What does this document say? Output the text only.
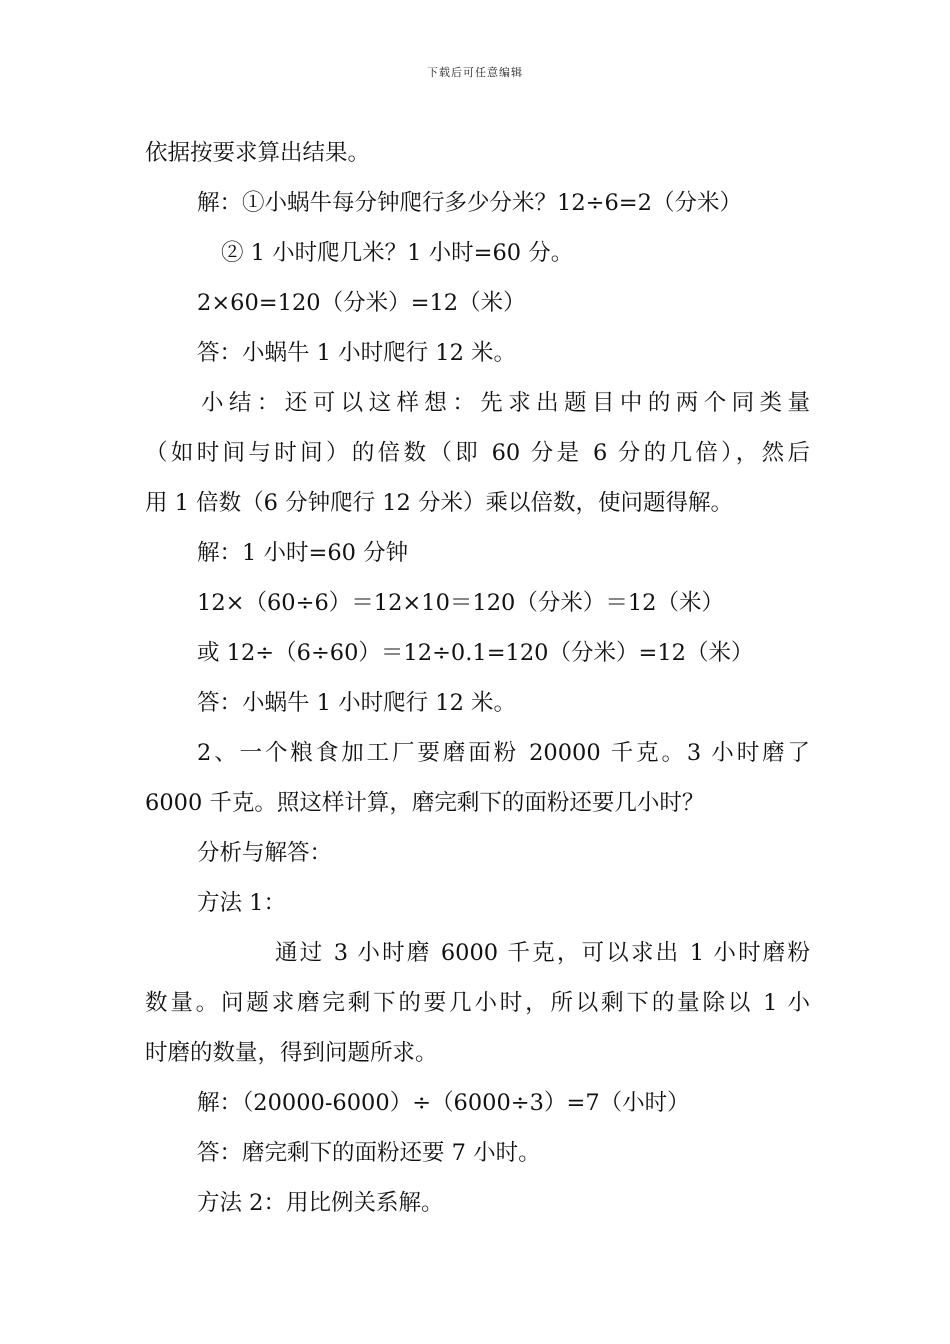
下载后可任意编辑
依据按要求算出结果。
解：①小蜗牛每分钟爬行多少分米？12÷6=2（分米）
② 1 小时爬几米？1 小时=60 分。
2×60=120（分米）=12（米）
答：小蜗牛 1 小时爬行 12 米。
小结：还可以这样想：先求出题目中的两个同类量
（如时间与时间）的倍数（即 60 分是 6 分的几倍），然后
用 1 倍数（6 分钟爬行 12 分米）乘以倍数，使问题得解。
解：1 小时=60 分钟
12×（60÷6）＝12×10＝120（分米）＝12（米）
或 12÷（6÷60）＝12÷0.1=120（分米）=12（米）
答：小蜗牛 1 小时爬行 12 米。
2、一个粮食加工厂要磨面粉 20000 千克。3 小时磨了
6000 千克。照这样计算，磨完剩下的面粉还要几小时？
分析与解答：
方法 1：
通过 3 小时磨 6000 千克，可以求出 1 小时磨粉
数量。问题求磨完剩下的要几小时，所以剩下的量除以 1 小
时磨的数量，得到问题所求。
解：（20000-6000）÷（6000÷3）=7（小时）
答：磨完剩下的面粉还要 7 小时。
方法 2：用比例关系解。
